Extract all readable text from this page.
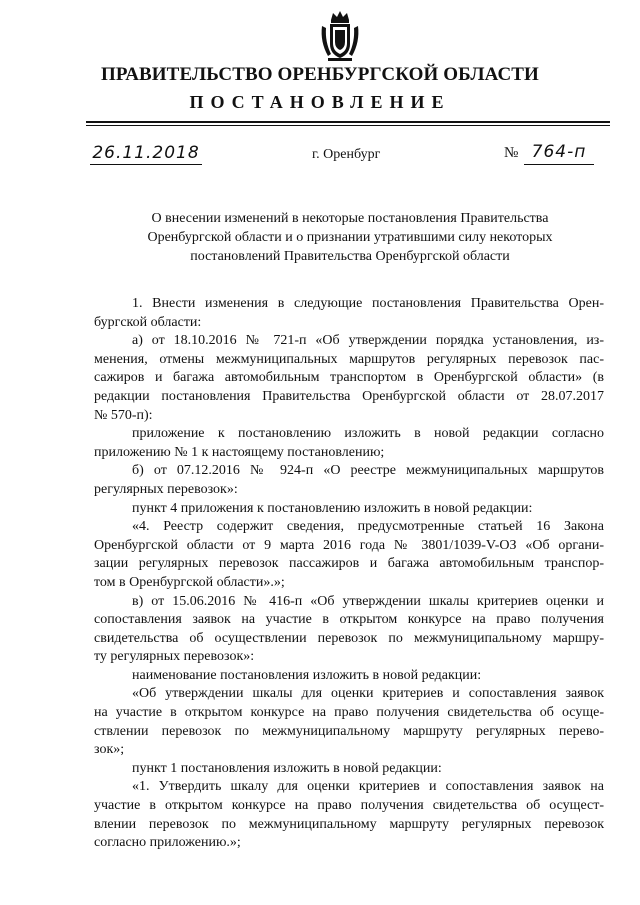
ПРАВИТЕЛЬСТВО ОРЕНБУРГСКОЙ ОБЛАСТИ
ПОСТАНОВЛЕНИЕ
26.11.2018	г. Оренбург	№ 764-п
О внесении изменений в некоторые постановления Правительства
Оренбургской области и о признании утратившими силу некоторых
постановлений Правительства Оренбургской области
1. Внести изменения в следующие постановления Правительства Орен-
бургской области:
а) от 18.10.2016 № 721-п «Об утверждении порядка установления, из-
менения, отмены межмуниципальных маршрутов регулярных перевозок пас-
сажиров и багажа автомобильным транспортом в Оренбургской области» (в
редакции постановления Правительства Оренбургской области от 28.07.2017
№ 570-п):
приложение к постановлению изложить в новой редакции согласно
приложению № 1 к настоящему постановлению;
б) от 07.12.2016 № 924-п «О реестре межмуниципальных маршрутов
регулярных перевозок»:
пункт 4 приложения к постановлению изложить в новой редакции:
«4. Реестр содержит сведения, предусмотренные статьей 16 Закона
Оренбургской области от 9 марта 2016 года № 3801/1039-V-ОЗ «Об органи-
зации регулярных перевозок пассажиров и багажа автомобильным транспор-
том в Оренбургской области».»;
в) от 15.06.2016 № 416-п «Об утверждении шкалы критериев оценки и
сопоставления заявок на участие в открытом конкурсе на право получения
свидетельства об осуществлении перевозок по межмуниципальному маршру-
ту регулярных перевозок»:
наименование постановления изложить в новой редакции:
«Об утверждении шкалы для оценки критериев и сопоставления заявок
на участие в открытом конкурсе на право получения свидетельства об осуще-
ствлении перевозок по межмуниципальному маршруту регулярных перево-
зок»;
пункт 1 постановления изложить в новой редакции:
«1. Утвердить шкалу для оценки критериев и сопоставления заявок на
участие в открытом конкурсе на право получения свидетельства об осущест-
влении перевозок по межмуниципальному маршруту регулярных перевозок
согласно приложению.»;
